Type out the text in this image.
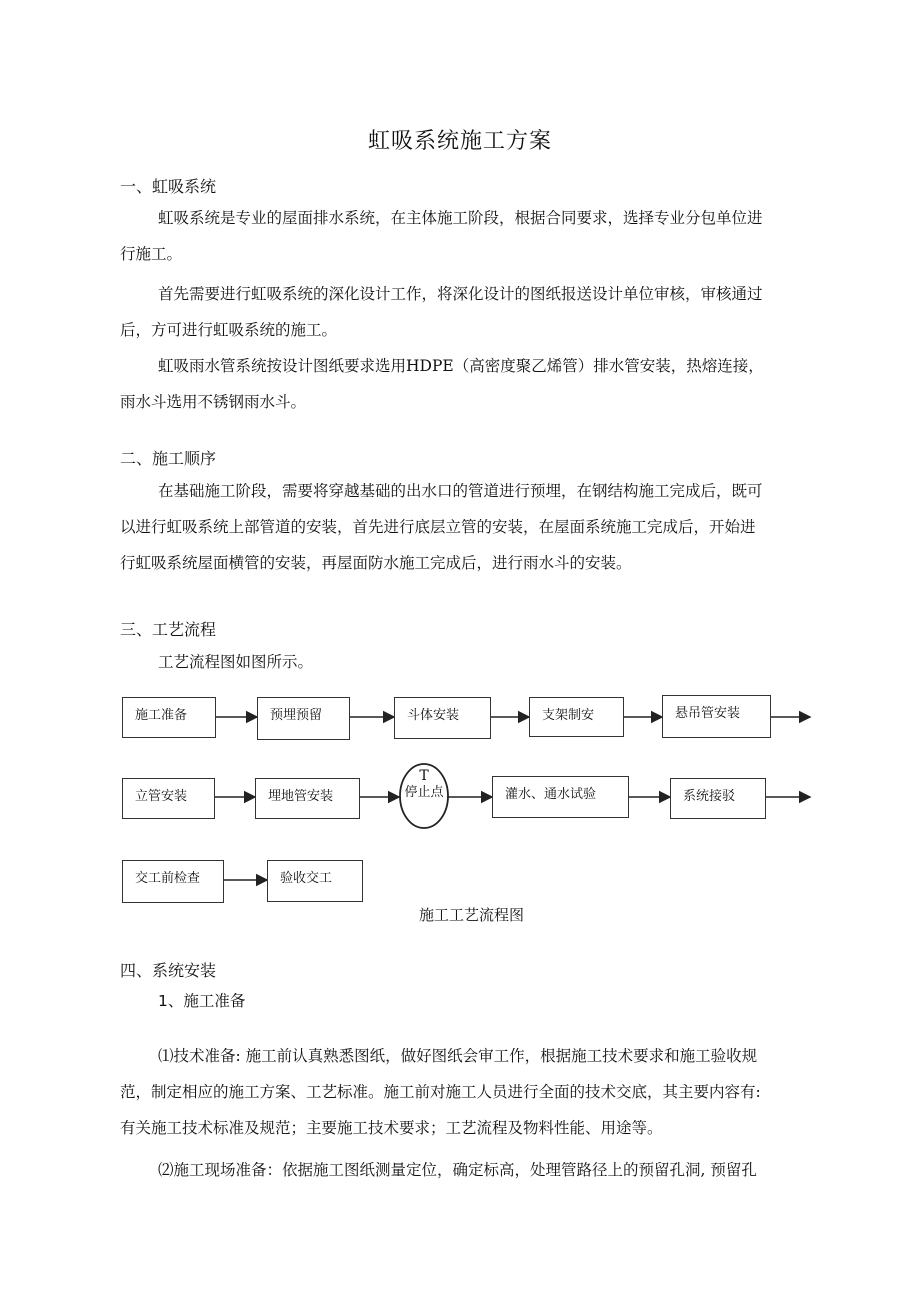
虹吸系统施工方案
一、虹吸系统
虹吸系统是专业的屋面排水系统，在主体施工阶段，根据合同要求，选择专业分包单位进
行施工。
首先需要进行虹吸系统的深化设计工作，将深化设计的图纸报送设计单位审核，审核通过
后，方可进行虹吸系统的施工。
虹吸雨水管系统按设计图纸要求选用HDPE（高密度聚乙烯管）排水管安装，热熔连接，
雨水斗选用不锈钢雨水斗。
二、施工顺序
在基础施工阶段，需要将穿越基础的出水口的管道进行预埋，在钢结构施工完成后，既可
以进行虹吸系统上部管道的安装，首先进行底层立管的安装，在屋面系统施工完成后，开始进
行虹吸系统屋面横管的安装，再屋面防水施工完成后，进行雨水斗的安装。
三、工艺流程
工艺流程图如图所示。
施工准备	预埋预留	斗体安装	支架制安	悬吊管安装
立管安装	埋地管安装
T
停止点	灌水、通水试验	系统接驳
交工前检查	验收交工
施工工艺流程图
四、系统安装
1、施工准备
⑴技术准备: 施工前认真熟悉图纸，做好图纸会审工作，根据施工技术要求和施工验收规
范，制定相应的施工方案、工艺标准。施工前对施工人员进行全面的技术交底，其主要内容有:
有关施工技术标准及规范；主要施工技术要求；工艺流程及物料性能、用途等。
⑵施工现场准备：依据施工图纸测量定位，确定标高，处理管路径上的预留孔洞, 预留孔
